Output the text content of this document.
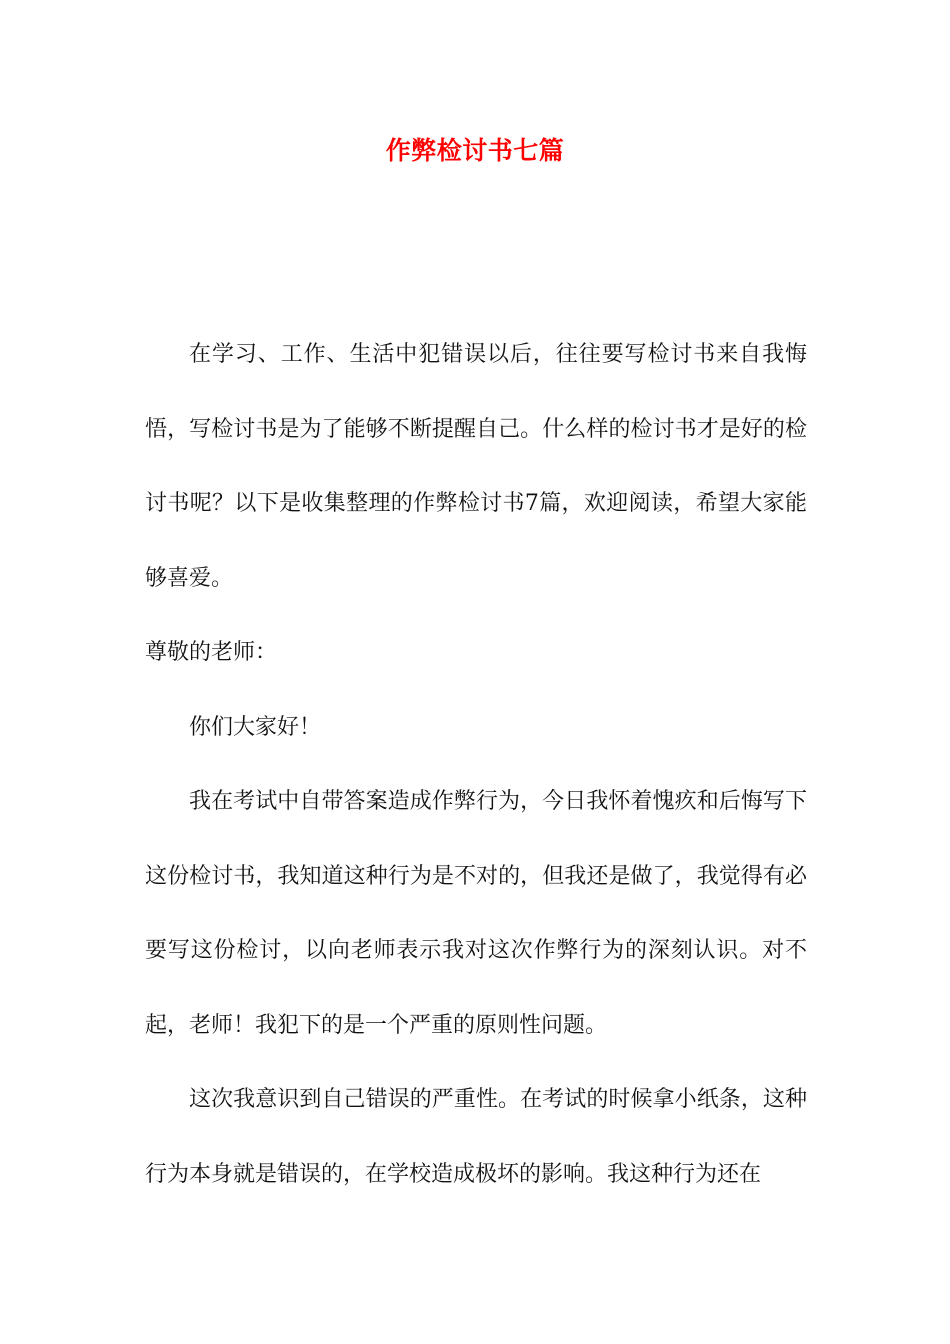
作弊检讨书七篇

在学习、工作、生活中犯错误以后，往往要写检讨书来自我悔悟，写检讨书是为了能够不断提醒自己。什么样的检讨书才是好的检讨书呢？以下是收集整理的作弊检讨书7篇，欢迎阅读，希望大家能够喜爱。

尊敬的老师：

你们大家好！

我在考试中自带答案造成作弊行为，今日我怀着愧疚和后悔写下这份检讨书，我知道这种行为是不对的，但我还是做了，我觉得有必要写这份检讨，以向老师表示我对这次作弊行为的深刻认识。对不起，老师！我犯下的是一个严重的原则性问题。

这次我意识到自己错误的严重性。在考试的时候拿小纸条，这种行为本身就是错误的，在学校造成极坏的影响。我这种行为还在
